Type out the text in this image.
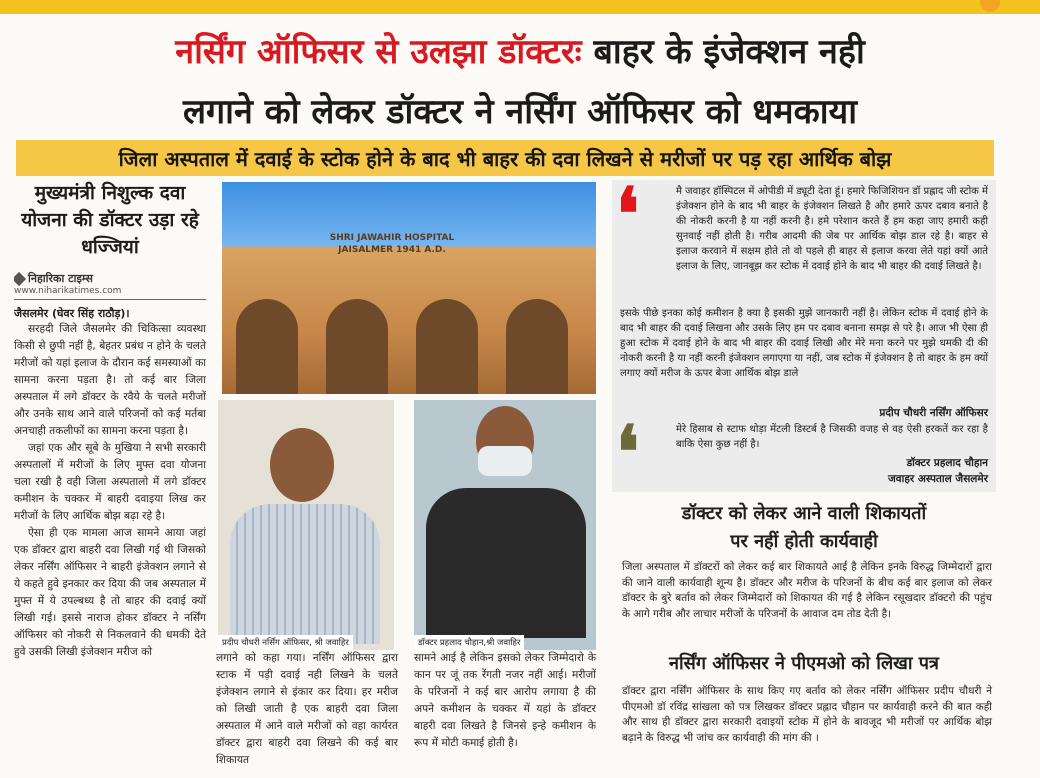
नर्सिंग ऑफिसर से उलझा डॉक्टरः बाहर के इंजेक्शन नही
लगाने को लेकर डॉक्टर ने नर्सिंग ऑफिसर को धमकाया
जिला अस्पताल में दवाई के स्टोक होने के बाद भी बाहर की दवा लिखने से मरीजों पर पड़ रहा आर्थिक बोझ
मुख्यमंत्री निशुल्क दवा योजना की डॉक्टर उड़ा रहे धज्जियां
निहारिका टाइम्स
www.niharikatimes.com
जैसलमेर (घेवर सिंह राठौड़)।

सरहदी जिले जैसलमेर की चिकित्सा व्यवस्था किसी से छुपी नहीं है, बेहतर प्रबंध न होने के चलते मरीजों को यहां इलाज के दौरान कई समस्याओं का सामना करना पड़ता है। तो कई बार जिला अस्पताल में लगे डॉक्टर के रवैये के चलते मरीजों और उनके साथ आने वाले परिजनों को कई मर्तबा अनचाही तकलीफों का सामना करना पड़ता है।

जहां एक और सूबे के मुखिया ने सभी सरकारी अस्पतालों में मरीजों के लिए मुफ्त दवा योजना चला रखी है वही जिला अस्पतालो में लगे डॉक्टर कमीशन के चक्कर में बाहरी दवाइया लिख कर मरीजों के लिए आर्थिक बोझ बढ़ा रहे है।

ऐसा ही एक मामला आज सामने आया जहां एक डॉक्टर द्वारा बाहरी दवा लिखी गई थी जिसको लेकर नर्सिंग ऑफिसर ने बाहरी इंजेक्शन लगाने से ये कहते हुवे इनकार कर दिया की जब अस्पताल में मुफ्त में ये उपल्बध्य है तो बाहर की दवाई क्यों लिखी गई। इससे नाराज होकर डॉक्टर ने नर्सिंग ऑफिसर को नोकरी से निकलवाने की धमकी देते हुवे उसकी लिखी इंजेक्शन मरीज को

SHRI JAWAHIR HOSPITAL JAISALMER 1941 A.D.
प्रदीप चौधरी नर्सिंग ऑफिसर, श्री जवाहिर	डॉक्टर प्रहलाद चौहान,श्री जवाहिर
लगाने को कहा गया। नर्सिंग ऑफिसर द्वारा स्टाक में पड़ी दवाई नही लिखने के चलते इंजेक्शन लगाने से इंकार कर दिया। हर मरीज को लिखी जाती है एक बाहरी दवा जिला अस्पताल में आने वाले मरीजों को वहा कार्यरत डॉक्टर द्वारा बाहरी दवा लिखने की कई बार शिकायत
सामने आई है लेकिन इसको लेकर जिम्मेदारो के कान पर जूं तक रेंगती नजर नहीं आई। मरीजों के परिजनों ने कई बार आरोप लगाया है की अपने कमीशन के चक्कर में यहां के डॉक्टर बाहरी दवा लिखते है जिनसे इन्हे कमीशन के रूप में मोटी कमाई होती है।
❛	मै जवाहर हॉस्पिटल में ओपीडी में ड्यूटी देता हूं। हमारे फिजिशियन डॉ प्रह्लाद जी स्टोक में इंजेक्शन होने के बाद भी बाहर के इंजेक्शन लिखते है और हमारे ऊपर दबाव बनाते है की नोकरी करनी है या नहीं करनी है। हमे परेशान करते हैं हम कहा जाए हमारी कही सुनवाई नहीं होती है। गरीब आदमी की जेब पर आर्थिक बोझ डाल रहे है। बाहर से इलाज करवाने में सक्षम होते तो वो पहले ही बाहर से इलाज करवा लेते यहां क्यों आते इलाज के लिए, जानबूझ कर स्टोक में दवाई होने के बाद भी बाहर की दवाई लिखते है।
इसके पीछे इनका कोई कमीशन है क्या है इसकी मुझे जानकारी नहीं है। लेकिन स्टोक में दवाई होने के बाद भी बाहर की दवाई लिखना और उसके लिए हम पर दबाव बनाना समझ से परे है। आज भी ऐसा ही हुआ स्टोक में दवाई होने के बाद भी बाहर की दवाई लिखी और मेरे मना करने पर मुझे धमकी दी की नोकरी करनी है या नहीं करनी इंजेक्शन लगाएगा या नहीं, जब स्टोक में इंजेक्शन है तो बाहर के हम क्यों लगाए क्यों मरीज के ऊपर बेजा आर्थिक बोझ डाले
प्रदीप चौधरी नर्सिंग ऑफिसर
❛	मेरे हिसाब से स्टाफ थोड़ा मेंटली डिस्टर्ब है जिसकी वजह से वह ऐसी हरकतें कर रहा है बाकि ऐसा कुछ नहीं है।
डॉक्टर प्रहलाद चौहान
जवाहर अस्पताल जैसलमेर
डॉक्टर को लेकर आने वाली शिकायतों
पर नहीं होती कार्यवाही
जिला अस्पताल में डॉक्टरों को लेकर कई बार शिकायते आई है लेकिन इनके विरुद्ध जिम्मेदारों द्वारा की जाने वाली कार्यवाही शून्य है। डॉक्टर और मरीज के परिजनों के बीच कई बार इलाज को लेकर डॉक्टर के बुरे बर्ताव को लेकर जिम्मेदारों को शिकायत की गई है लेकिन रसूखदार डॉक्टरो की पहुंच के आगे गरीब और लाचार मरीजों के परिजनों के आवाज दम तोड देती है।
नर्सिंग ऑफिसर ने पीएमओ को लिखा पत्र
डॉक्टर द्वारा नर्सिंग ऑफिसर के साथ किए गए बर्ताव को लेकर नर्सिंग ऑफिसर प्रदीप चौधरी ने पीएमओ डॉ रविंद्र सांखला को पत्र लिखकर डॉक्टर प्रह्लाद चौहान पर कार्यवाही करने की बात कही और साथ ही डॉक्टर द्वारा सरकारी दवाइयों स्टोक में होने के बावजूद भी मरीजों पर आर्थिक बोझ बढ़ाने के विरुद्ध भी जांच कर कार्यवाही की मांग की ।
